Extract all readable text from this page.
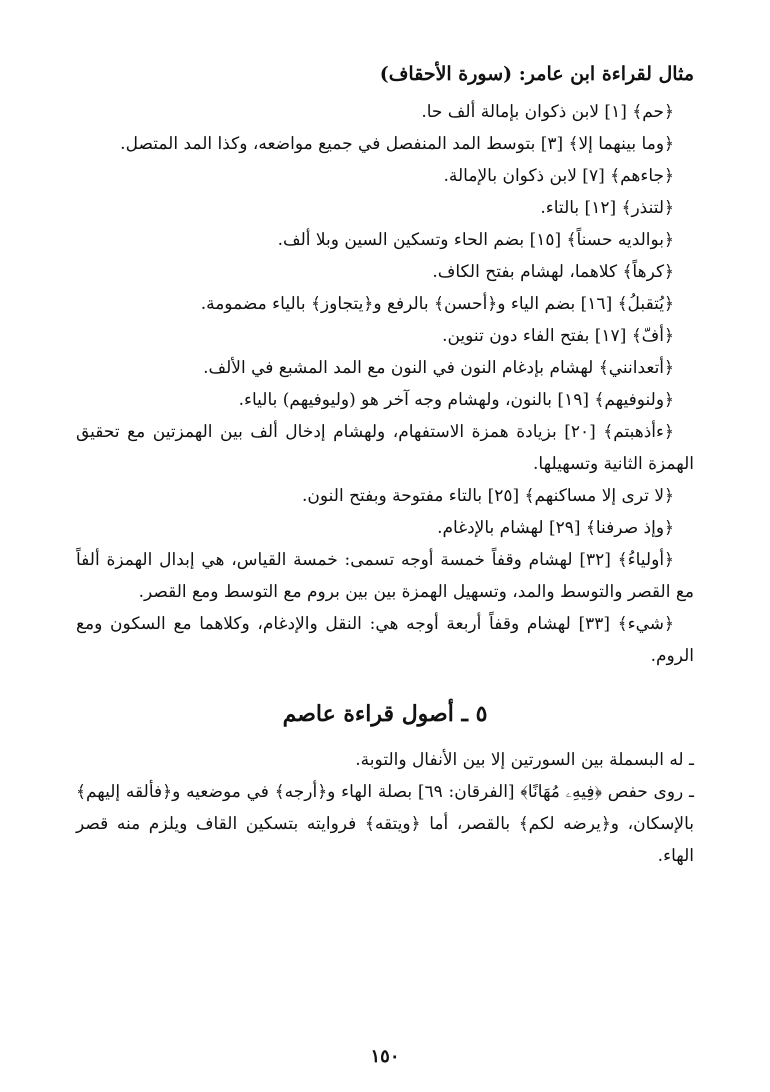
مثال لقراءة ابن عامر: (سورة الأحقاف)

﴿حم﴾ [١] لابن ذكوان بإمالة ألف حا.

﴿وما بينهما إلا﴾ [٣] بتوسط المد المنفصل في جميع مواضعه، وكذا المد المتصل.

﴿جاءهم﴾ [٧] لابن ذكوان بالإمالة.

﴿لتنذر﴾ [١٢] بالتاء.

﴿بوالديه حسناً﴾ [١٥] بضم الحاء وتسكين السين وبلا ألف.

﴿كرهاً﴾ كلاهما، لهشام بفتح الكاف.

﴿يُتقبلُ﴾ [١٦] بضم الياء و﴿أحسن﴾ بالرفع و﴿يتجاوز﴾ بالياء مضمومة.

﴿أفّ﴾ [١٧] بفتح الفاء دون تنوين.

﴿أتعدانني﴾ لهشام بإدغام النون في النون مع المد المشبع في الألف.

﴿ولنوفيهم﴾ [١٩] بالنون، ولهشام وجه آخر هو (وليوفيهم) بالياء.

﴿ءأذهبتم﴾ [٢٠] بزيادة همزة الاستفهام، ولهشام إدخال ألف بين الهمزتين مع تحقيق الهمزة الثانية وتسهيلها.

﴿لا ترى إلا مساكنهم﴾ [٢٥] بالتاء مفتوحة وبفتح النون.

﴿وإذ صرفنا﴾ [٢٩] لهشام بالإدغام.

﴿أولياءُ﴾ [٣٢] لهشام وقفاً خمسة أوجه تسمى: خمسة القياس، هي إبدال الهمزة ألفاً مع القصر والتوسط والمد، وتسهيل الهمزة بين بين بروم مع التوسط ومع القصر.

﴿شيء﴾ [٣٣] لهشام وقفاً أربعة أوجه هي: النقل والإدغام، وكلاهما مع السكون ومع الروم.

٥ ـ أصول قراءة عاصم

ـ له البسملة بين السورتين إلا بين الأنفال والتوبة.

ـ روى حفص ﴿فِيهِۦ مُهَانًا﴾ [الفرقان: ٦٩] بصلة الهاء و﴿أرجه﴾ في موضعيه و﴿فألقه إليهم﴾ بالإسكان، و﴿يرضه لكم﴾ بالقصر، أما ﴿ويتقه﴾ فروايته بتسكين القاف ويلزم منه قصر الهاء.

١٥٠
